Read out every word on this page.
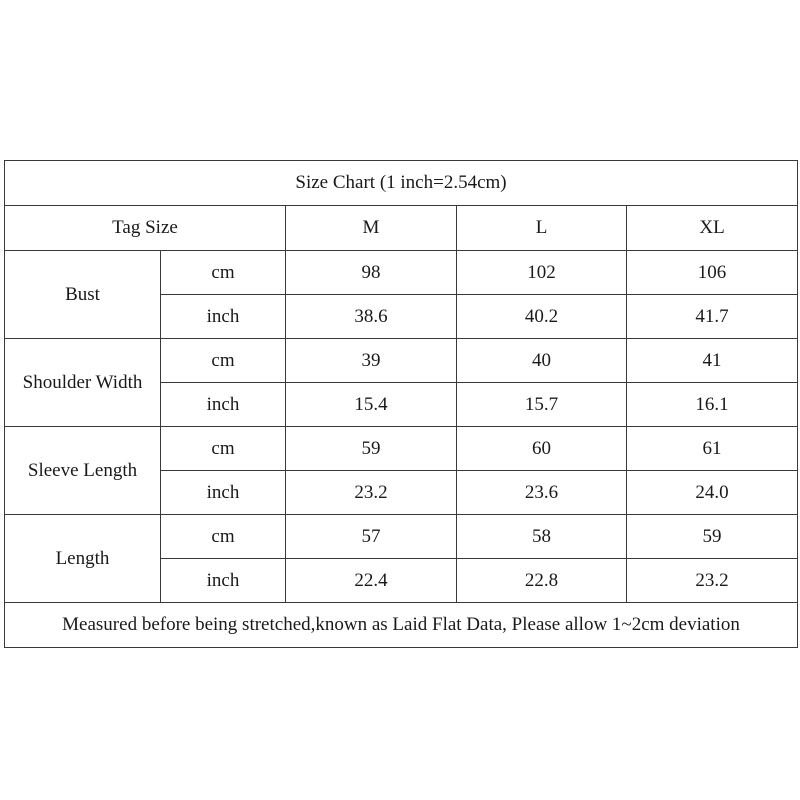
Size Chart (1 inch=2.54cm)				
Tag Size		M	L	XL
Bust	cm	98	102	106
	inch	38.6	40.2	41.7
Shoulder Width	cm	39	40	41
	inch	15.4	15.7	16.1
Sleeve Length	cm	59	60	61
	inch	23.2	23.6	24.0
Length	cm	57	58	59
	inch	22.4	22.8	23.2
Measured before being stretched,known as Laid Flat Data, Please allow 1~2cm deviation				
